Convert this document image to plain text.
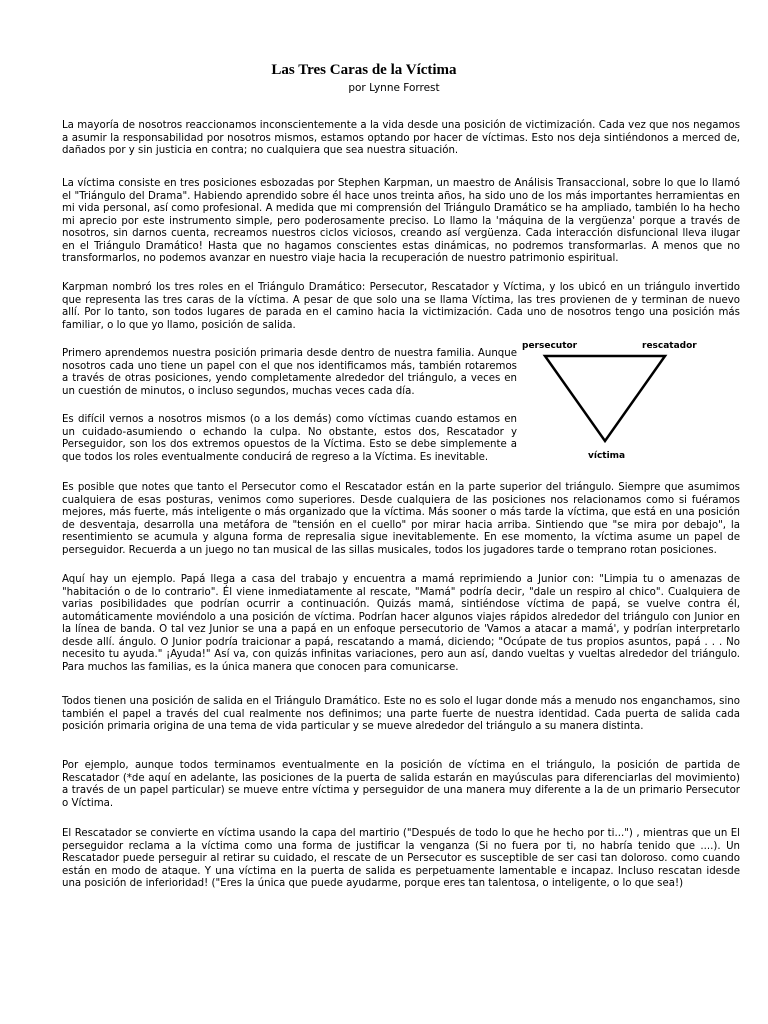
Las Tres Caras de la Víctima
por Lynne Forrest

La mayoría de nosotros reaccionamos inconscientemente a la vida desde una posición de victimización. Cada vez que nos negamos a asumir la responsabilidad por nosotros mismos, estamos optando por hacer de víctimas. Esto nos deja sintiéndonos a merced de, dañados por y sin justicia en contra; no cualquiera que sea nuestra situación.

La víctima consiste en tres posiciones esbozadas por Stephen Karpman, un maestro de Análisis Transaccional, sobre lo que lo llamó el "Triángulo del Drama". Habiendo aprendido sobre él hace unos treinta años, ha sido uno de los más importantes herramientas en mi vida personal, así como profesional. A medida que mi comprensión del Triángulo Dramático se ha ampliado, también lo ha hecho mi aprecio por este instrumento simple, pero poderosamente preciso. Lo llamo la 'máquina de la vergüenza' porque a través de nosotros, sin darnos cuenta, recreamos nuestros ciclos viciosos, creando así vergüenza. Cada interacción disfuncional lleva ilugar en el Triángulo Dramático! Hasta que no hagamos conscientes estas dinámicas, no podremos transformarlas. A menos que no transformarlos, no podemos avanzar en nuestro viaje hacia la recuperación de nuestro patrimonio espiritual.

Karpman nombró los tres roles en el Triángulo Dramático: Persecutor, Rescatador y Víctima, y los ubicó en un triángulo invertido que representa las tres caras de la víctima. A pesar de que solo una se llama Víctima, las tres provienen de y terminan de nuevo allí. Por lo tanto, son todos lugares de parada en el camino hacia la victimización. Cada uno de nosotros tengo una posición más familiar, o lo que yo llamo, posición de salida.

Primero aprendemos nuestra posición primaria desde dentro de nuestra familia. Aunque nosotros cada uno tiene un papel con el que nos identificamos más, también rotaremos a través de otras posiciones, yendo completamente alrededor del triángulo, a veces en un cuestión de minutos, o incluso segundos, muchas veces cada día.

Es difícil vernos a nosotros mismos (o a los demás) como víctimas cuando estamos en un cuidado-asumiendo o echando la culpa. No obstante, estos dos, Rescatador y Perseguidor, son los dos extremos opuestos de la Víctima. Esto se debe simplemente a que todos los roles eventualmente conducirá de regreso a la Víctima. Es inevitable.

Es posible que notes que tanto el Persecutor como el Rescatador están en la parte superior del triángulo. Siempre que asumimos cualquiera de esas posturas, venimos como superiores. Desde cualquiera de las posiciones nos relacionamos como si fuéramos mejores, más fuerte, más inteligente o más organizado que la víctima. Más sooner o más tarde la víctima, que está en una posición de desventaja, desarrolla una metáfora de "tensión en el cuello" por mirar hacia arriba. Sintiendo que "se mira por debajo", la resentimiento se acumula y alguna forma de represalia sigue inevitablemente. En ese momento, la víctima asume un papel de perseguidor. Recuerda a un juego no tan musical de las sillas musicales, todos los jugadores tarde o temprano rotan posiciones.

Aquí hay un ejemplo. Papá llega a casa del trabajo y encuentra a mamá reprimiendo a Junior con: "Limpia tu o amenazas de "habitación o de lo contrario". Él viene inmediatamente al rescate, "Mamá" podría decir, "dale un respiro al chico". Cualquiera de varias posibilidades que podrían ocurrir a continuación. Quizás mamá, sintiéndose víctima de papá, se vuelve contra él, automáticamente moviéndolo a una posición de víctima. Podrían hacer algunos viajes rápidos alrededor del triángulo con Junior en la línea de banda. O tal vez Junior se una a papá en un enfoque persecutorio de 'Vamos a atacar a mamá', y podrían interpretarlo desde allí. ángulo. O Junior podría traicionar a papá, rescatando a mamá, diciendo; "Ocúpate de tus propios asuntos, papá . . . No necesito tu ayuda." ¡Ayuda!" Así va, con quizás infinitas variaciones, pero aun así, dando vueltas y vueltas alrededor del triángulo. Para muchos las familias, es la única manera que conocen para comunicarse.

Todos tienen una posición de salida en el Triángulo Dramático. Este no es solo el lugar donde más a menudo nos enganchamos, sino también el papel a través del cual realmente nos definimos; una parte fuerte de nuestra identidad. Cada puerta de salida cada posición primaria origina de una tema de vida particular y se mueve alrededor del triángulo a su manera distinta.

Por ejemplo, aunque todos terminamos eventualmente en la posición de víctima en el triángulo, la posición de partida de Rescatador (*de aquí en adelante, las posiciones de la puerta de salida estarán en mayúsculas para diferenciarlas del movimiento) a través de un papel particular) se mueve entre víctima y perseguidor de una manera muy diferente a la de un primario Persecutor o Víctima.

El Rescatador se convierte en víctima usando la capa del martirio ("Después de todo lo que he hecho por ti...") , mientras que un El perseguidor reclama a la víctima como una forma de justificar la venganza (Si no fuera por ti, no habría tenido que ....). Un Rescatador puede perseguir al retirar su cuidado, el rescate de un Persecutor es susceptible de ser casi tan doloroso. como cuando están en modo de ataque. Y una víctima en la puerta de salida es perpetuamente lamentable e incapaz. Incluso rescatan idesde una posición de inferioridad! ("Eres la única que puede ayudarme, porque eres tan talentosa, o inteligente, o lo que sea!)

persecutor	rescatador
víctima
